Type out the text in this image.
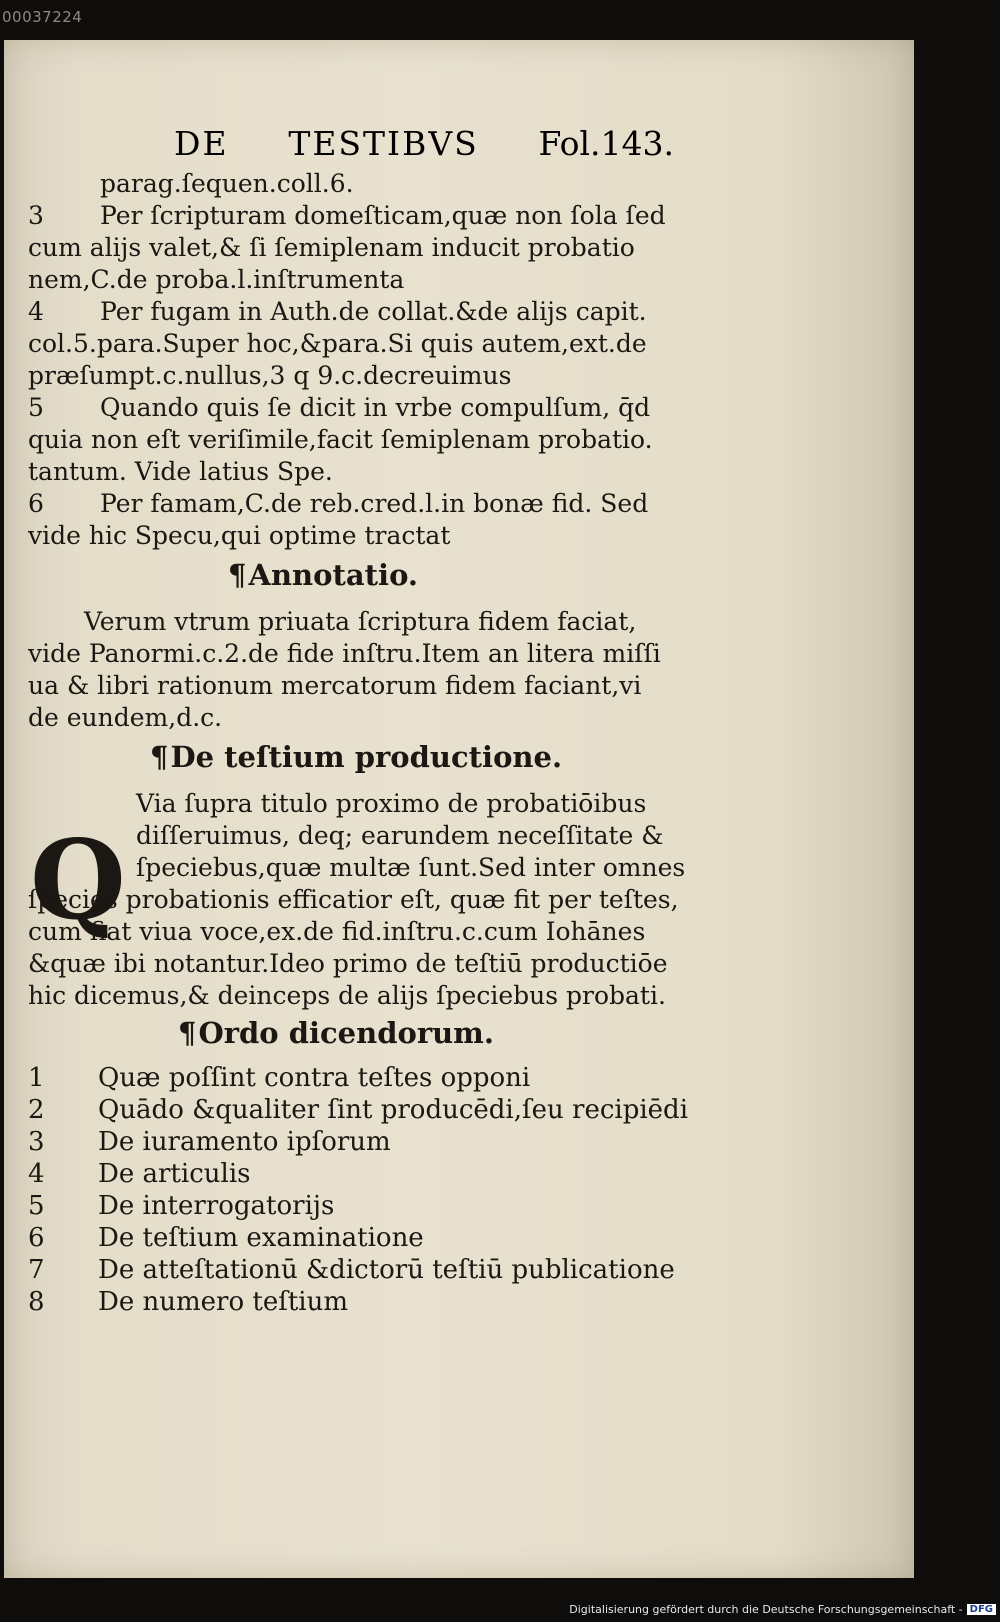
00037224
DE TESTIBVS Fol.143.
parag.ſequen.coll.6.
3 Per ſcripturam domeſticam,quæ non ſola ſed
cum alijs valet,& ſi ſemiplenam inducit probatio
nem,C.de proba.l.inſtrumenta
4 Per fugam in Auth.de collat.&de alijs capit.
col.5.para.Super hoc,&para.Si quis autem,ext.de
præſumpt.c.nullus,3 q 9.c.decreuimus
5 Quando quis ſe dicit in vrbe compulſum, q̄d
quia non eſt veriſimile,facit ſemiplenam probatio.
tantum. Vide latius Spe.
6 Per famam,C.de reb.cred.l.in bonæ fid. Sed
vide hic Specu,qui optime tractat
¶Annotatio.
Verum vtrum priuata ſcriptura fidem faciat,
vide Panormi.c.2.de fide inſtru.Item an litera miſſi
ua & libri rationum mercatorum fidem faciant,vi
de eundem,d.c.
¶De teſtium productione.
Q
Via ſupra titulo proximo de probatiōibus
diſſeruimus, deq; earundem neceſſitate &
ſpeciebus,quæ multæ ſunt.Sed inter omnes
ſpecies probationis efficatior eſt, quæ fit per teſtes,
cum fiat viua voce,ex.de fid.inſtru.c.cum Iohānes
&quæ ibi notantur.Ideo primo de teſtiū productiōe
hic dicemus,& deinceps de alijs ſpeciebus probati.
¶Ordo dicendorum.
1 Quæ poſſint contra teſtes opponi
2 Quādo &qualiter ſint producēdi,ſeu recipiēdi
3 De iuramento ipſorum
4 De articulis
5 De interrogatorijs
6 De teſtium examinatione
7 De atteſtationū &dictorū teſtiū publicatione
8 De numero teſtium
Digitalisierung gefördert durch die Deutsche Forschungsgemeinschaft - DFG
